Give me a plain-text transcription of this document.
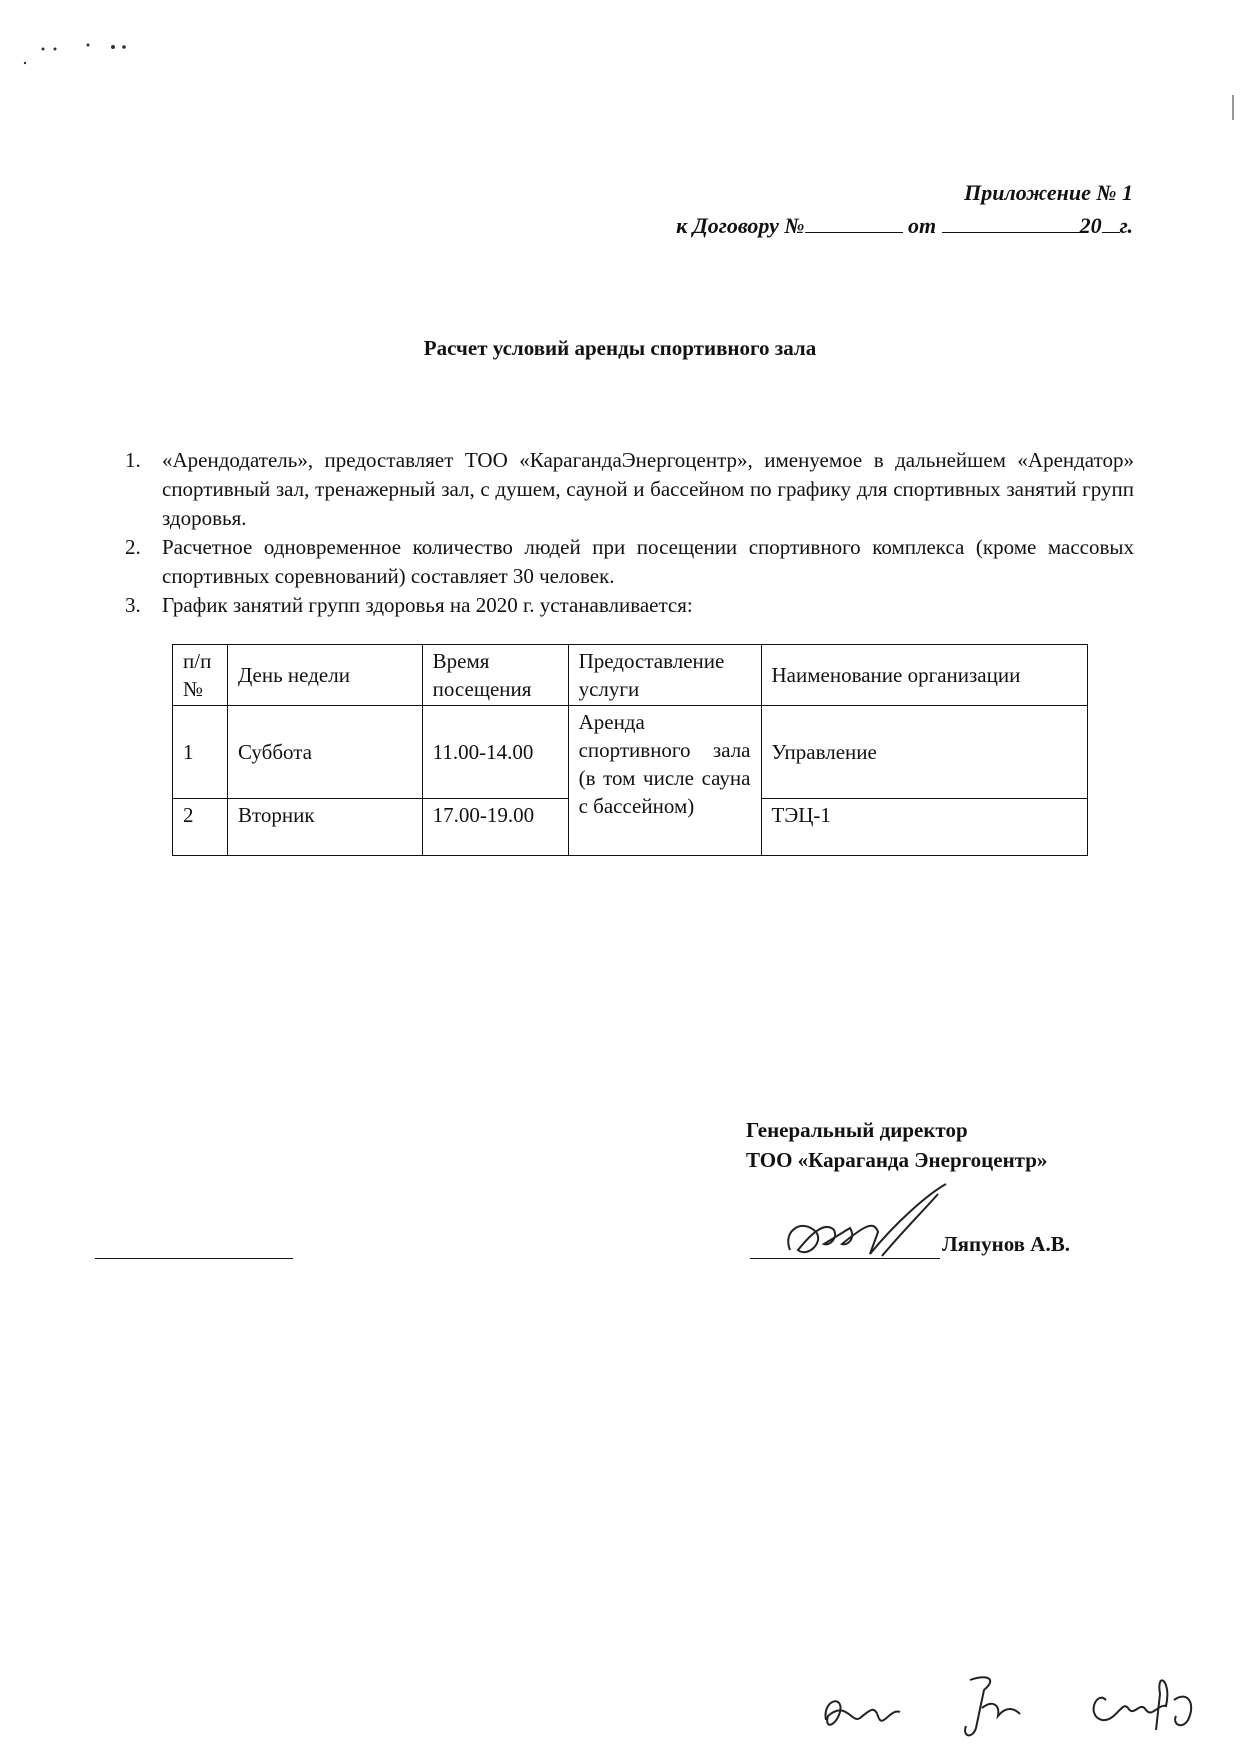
Приложение № 1
к Договору №	от	20 г.
Расчет условий аренды спортивного зала
1.	«Арендодатель», предоставляет ТОО «КарагандаЭнергоцентр», именуемое в дальнейшем «Арендатор» спортивный зал, тренажерный зал, с душем, сауной и бассейном по графику для спортивных занятий групп здоровья.
2.	Расчетное одновременное количество людей при посещении спортивного комплекса (кроме массовых спортивных соревнований) составляет 30 человек.
3.	График занятий групп здоровья на 2020 г. устанавливается:
п/п №	День недели	Время посещения	Предоставление услуги	Наименование организации
1	Суббота	11.00-14.00	Аренда спортивного зала (в том числе сауна с бассейном)	Управление
2	Вторник	17.00-19.00		ТЭЦ-1
Генеральный директор
ТОО «Караганда Энергоцентр»
Ляпунов А.В.
